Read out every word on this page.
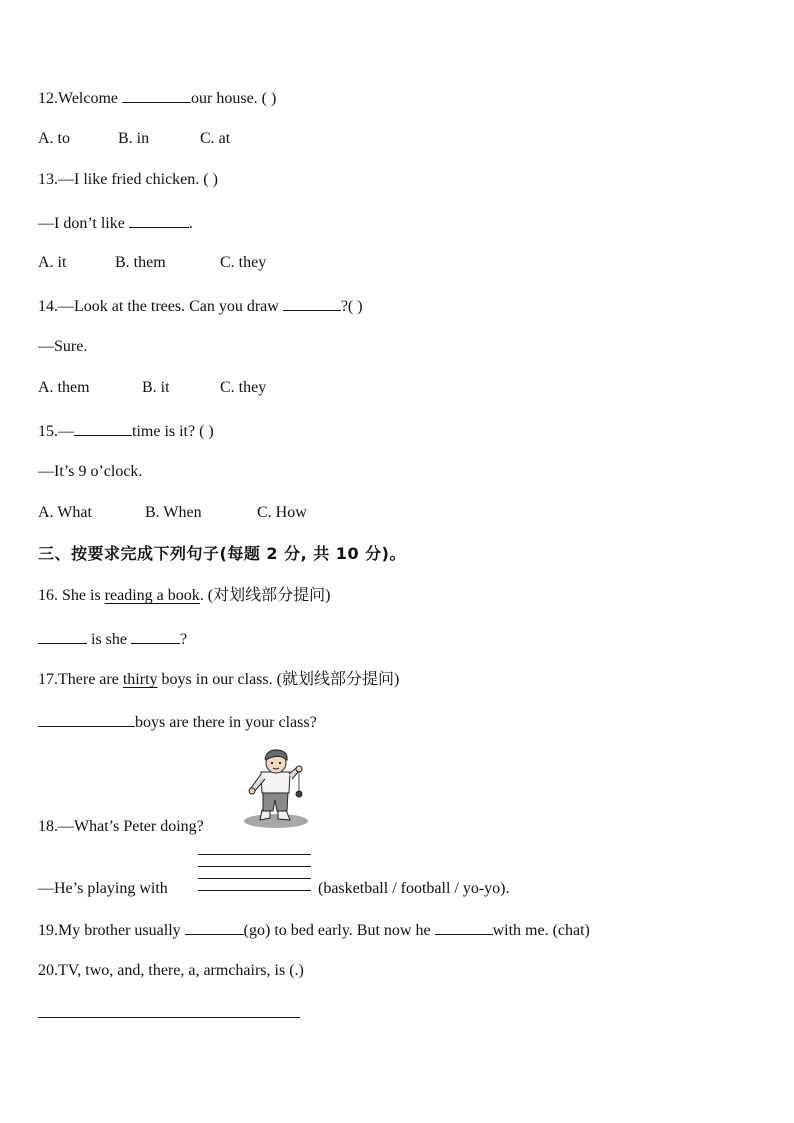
12.Welcome	our house. ( )
A. to	B. in	C. at
13.—I like fried chicken. ( )
—I don’t like	.
A. it	B. them	C. they
14.—Look at the trees. Can you draw	?( )
—Sure.
A. them	B. it	C. they
15.—	time is it? ( )
—It’s 9 o’clock.
A. What	B. When	C. How
三、按要求完成下列句子(每题 2 分, 共 10 分)。
16. She is reading a book. (对划线部分提问)
is she	?
17.There are thirty boys in our class. (就划线部分提问)
boys are there in your class?
18.—What’s Peter doing?
—He’s playing with	(basketball / football / yo-yo).
19.My brother usually	(go) to bed early. But now he	with me. (chat)
20.TV, two, and, there, a, armchairs, is (.)
